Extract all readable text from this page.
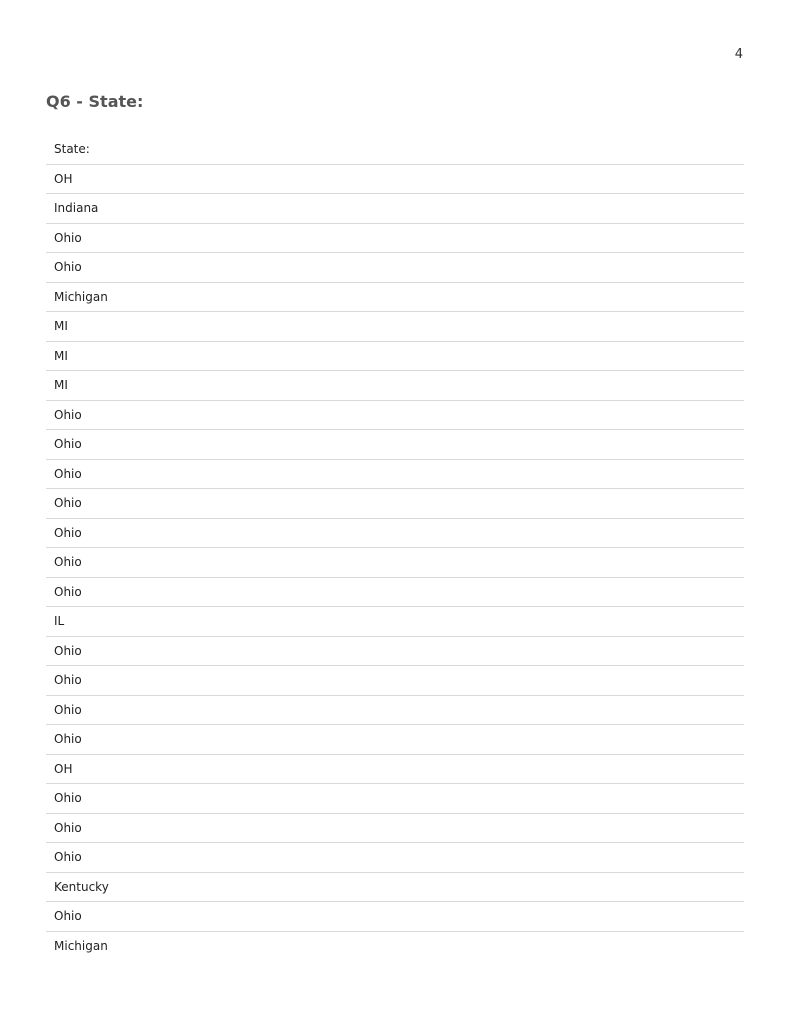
4
Q6 - State:
State:
OH
Indiana
Ohio
Ohio
Michigan
MI
MI
MI
Ohio
Ohio
Ohio
Ohio
Ohio
Ohio
Ohio
IL
Ohio
Ohio
Ohio
Ohio
OH
Ohio
Ohio
Ohio
Kentucky
Ohio
Michigan
